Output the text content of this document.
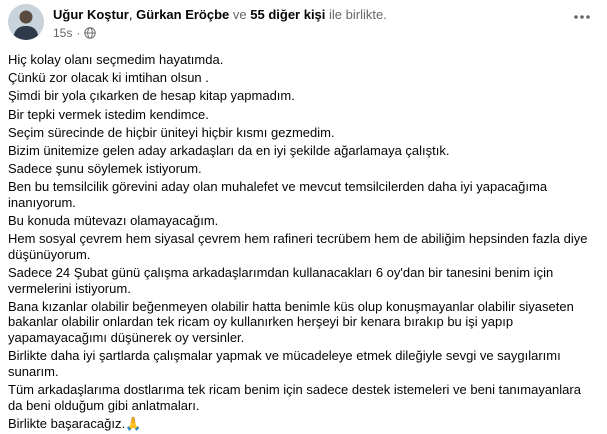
Uğur Koştur, Gürkan Eröçbe ve 55 diğer kişi ile birlikte.
15s ·

Hiç kolay olanı seçmedim hayatımda.

Çünkü zor olacak ki imtihan olsun .

Şimdi bir yola çıkarken de hesap kitap yapmadım.

Bir tepki vermek istedim kendimce.

Seçim sürecinde de hiçbir üniteyi hiçbir kısmı gezmedim.

Bizim ünitemize gelen aday arkadaşları da en iyi şekilde ağarlamaya çalıştık.

Sadece şunu söylemek istiyorum.

Ben bu temsilcilik görevini aday olan muhalefet ve mevcut temsilcilerden daha iyi yapacağıma inanıyorum.

Bu konuda mütevazı olamayacağım.

Hem sosyal çevrem hem siyasal çevrem hem rafineri tecrübem hem de abiliğim hepsinden fazla diye düşünüyorum.

Sadece 24 Şubat günü çalışma arkadaşlarımdan kullanacakları 6 oy'dan bir tanesini benim için vermelerini istiyorum.

Bana kızanlar olabilir beğenmeyen olabilir hatta benimle küs olup konuşmayanlar olabilir siyaseten bakanlar olabilir onlardan tek ricam oy kullanırken herşeyi bir kenara bırakıp bu işi yapıp yapamayacağımı düşünerek oy versinler.

Birlikte daha iyi şartlarda çalışmalar yapmak ve mücadeleye etmek dileğiyle sevgi ve saygılarımı sunarım.

Tüm arkadaşlarıma dostlarıma tek ricam benim için sadece destek istemeleri ve beni tanımayanlara da beni olduğum gibi anlatmaları.

Birlikte başaracağız.🙏
